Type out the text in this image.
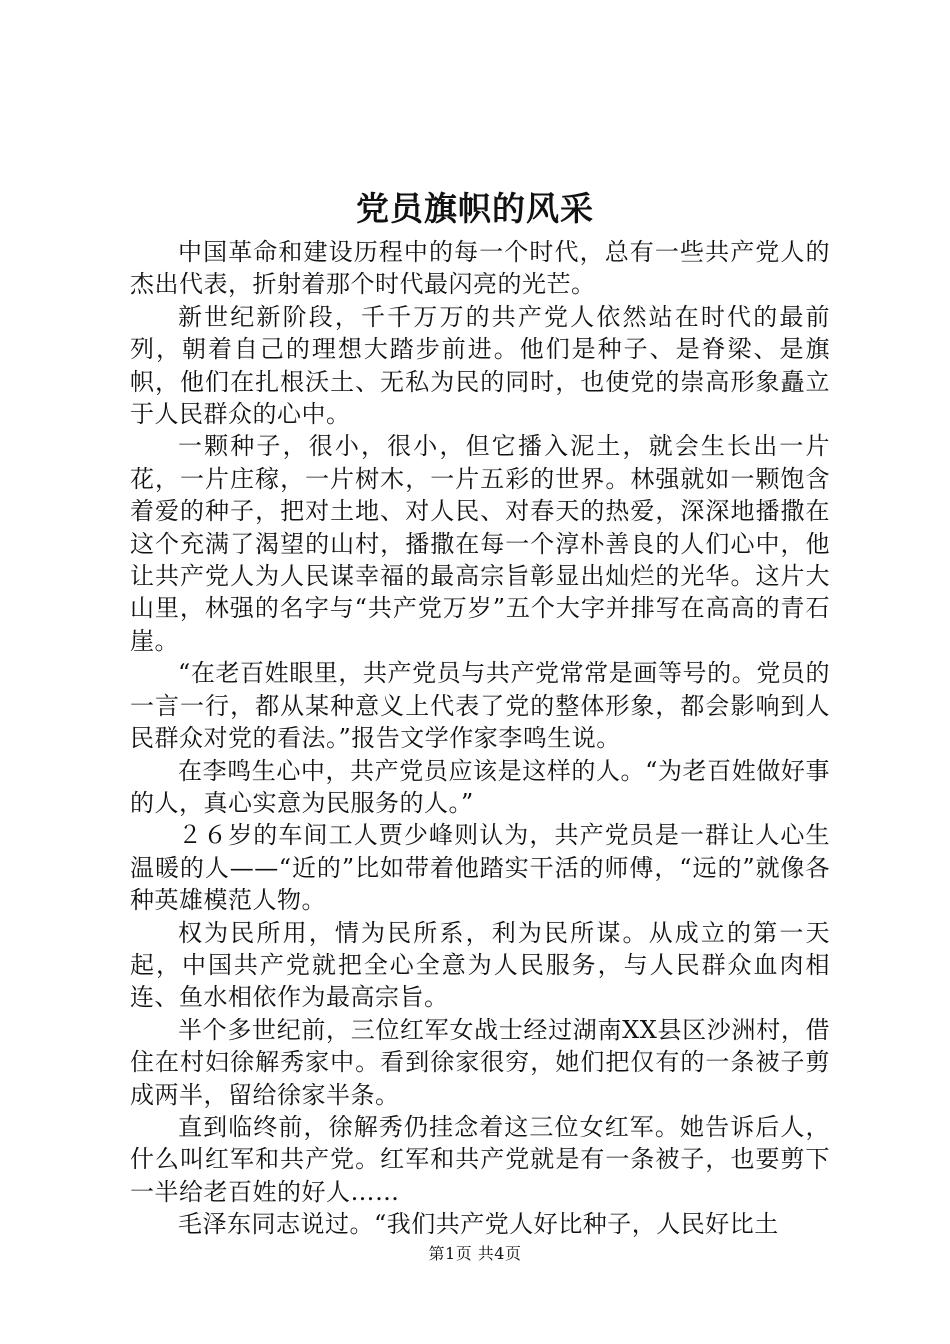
党员旗帜的风采

中国革命和建设历程中的每一个时代，总有一些共产党人的杰出代表，折射着那个时代最闪亮的光芒。

新世纪新阶段，千千万万的共产党人依然站在时代的最前列，朝着自己的理想大踏步前进。他们是种子、是脊梁、是旗帜，他们在扎根沃土、无私为民的同时，也使党的崇高形象矗立于人民群众的心中。

一颗种子，很小，很小，但它播入泥土，就会生长出一片花，一片庄稼，一片树木，一片五彩的世界。林强就如一颗饱含着爱的种子，把对土地、对人民、对春天的热爱，深深地播撒在这个充满了渴望的山村，播撒在每一个淳朴善良的人们心中，他让共产党人为人民谋幸福的最高宗旨彰显出灿烂的光华。这片大山里，林强的名字与“共产党万岁”五个大字并排写在高高的青石崖。

“在老百姓眼里，共产党员与共产党常常是画等号的。党员的一言一行，都从某种意义上代表了党的整体形象，都会影响到人民群众对党的看法。”报告文学作家李鸣生说。

在李鸣生心中，共产党员应该是这样的人。“为老百姓做好事的人，真心实意为民服务的人。”

２６岁的车间工人贾少峰则认为，共产党员是一群让人心生温暖的人——“近的”比如带着他踏实干活的师傅，“远的”就像各种英雄模范人物。

权为民所用，情为民所系，利为民所谋。从成立的第一天起，中国共产党就把全心全意为人民服务，与人民群众血肉相连、鱼水相依作为最高宗旨。

半个多世纪前，三位红军女战士经过湖南XX县区沙洲村，借住在村妇徐解秀家中。看到徐家很穷，她们把仅有的一条被子剪成两半，留给徐家半条。

直到临终前，徐解秀仍挂念着这三位女红军。她告诉后人，什么叫红军和共产党。红军和共产党就是有一条被子，也要剪下一半给老百姓的好人……

毛泽东同志说过。“我们共产党人好比种子，人民好比土

第1页 共4页
